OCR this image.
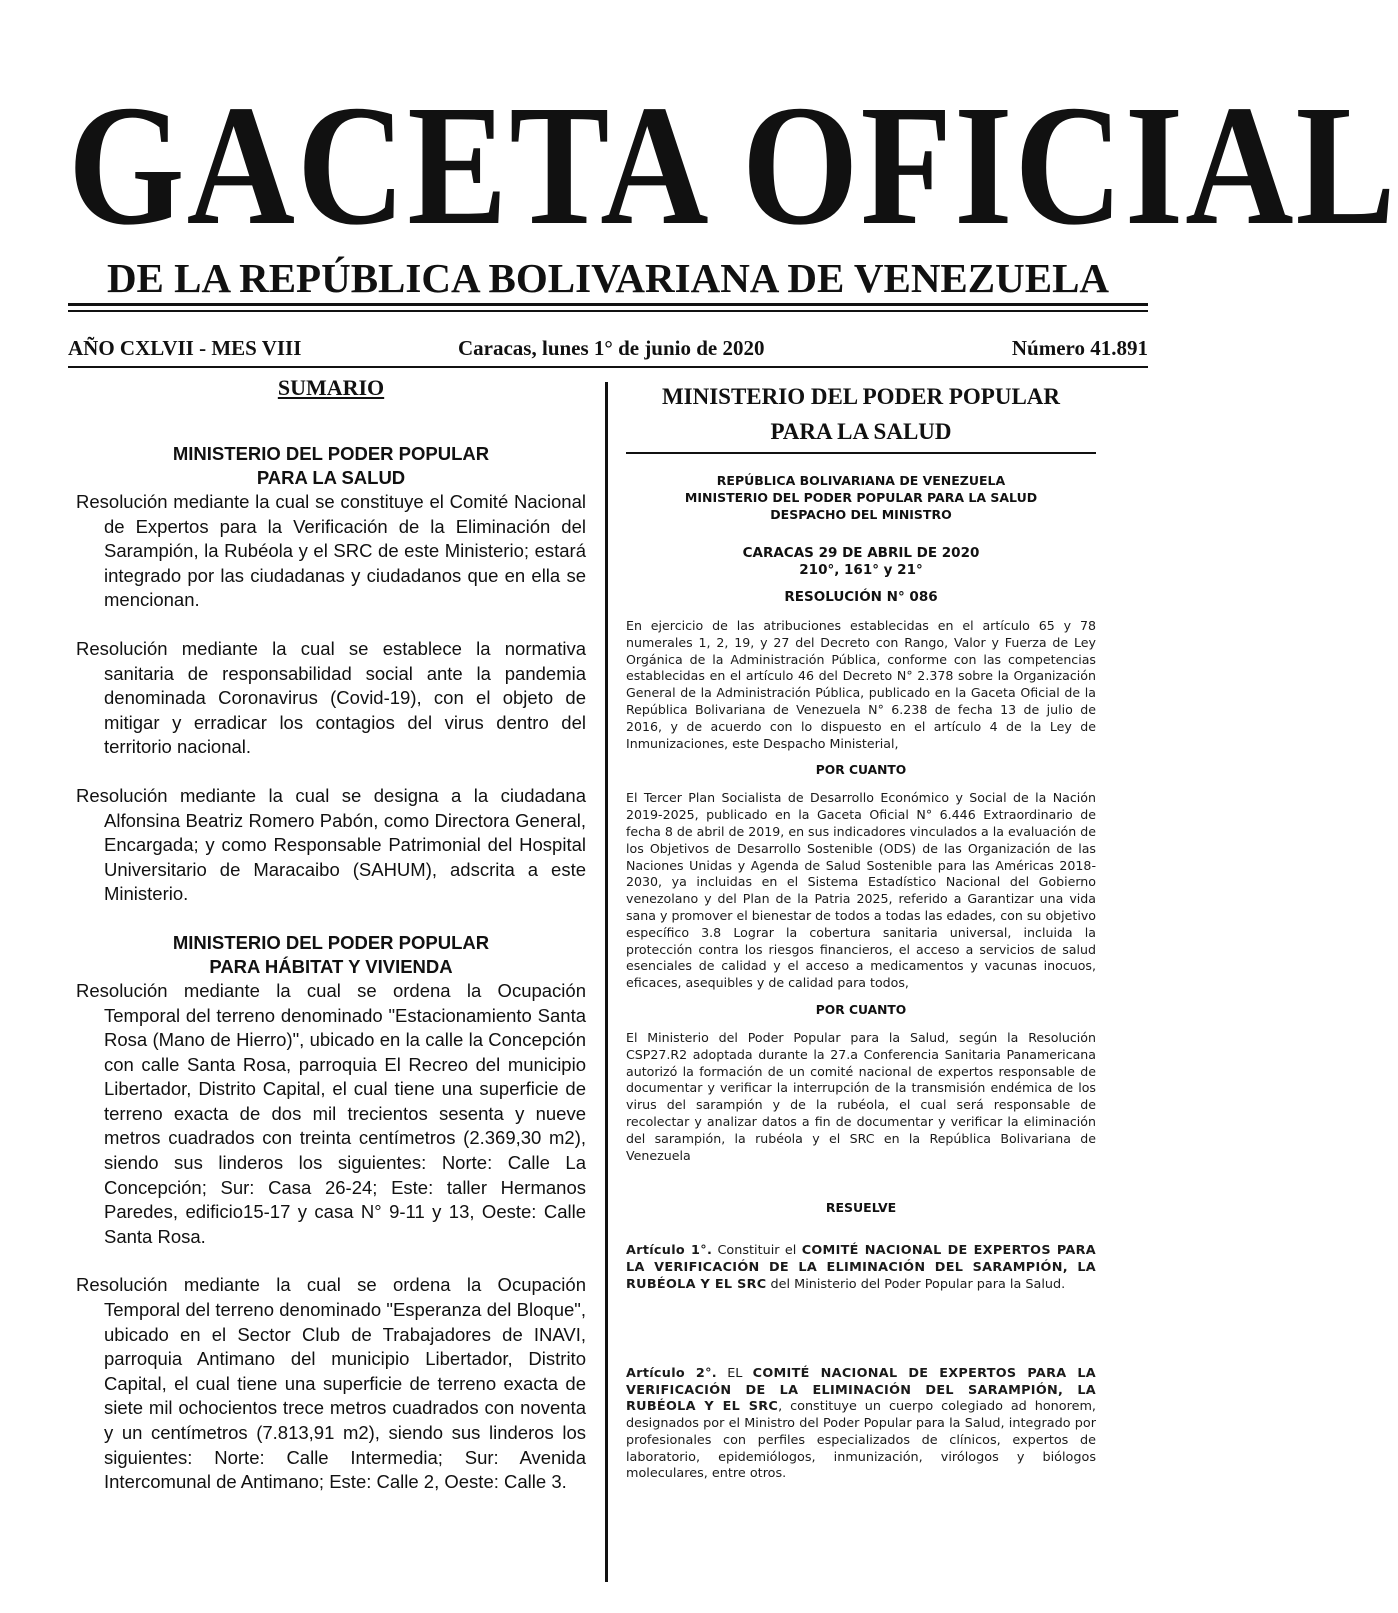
GACETA OFICIAL
DE LA REPÚBLICA BOLIVARIANA DE VENEZUELA
AÑO CXLVII - MES VIII	Caracas, lunes 1° de junio de 2020	Número 41.891
SUMARIO

MINISTERIO DEL PODER POPULAR

PARA LA SALUD

Resolución mediante la cual se constituye el Comité Nacional de Expertos para la Verificación de la Eliminación del Sarampión, la Rubéola y el SRC de este Ministerio; estará integrado por las ciudadanas y ciudadanos que en ella se mencionan.

Resolución mediante la cual se establece la normativa sanitaria de responsabilidad social ante la pandemia denominada Coronavirus (Covid-19), con el objeto de mitigar y erradicar los contagios del virus dentro del territorio nacional.

Resolución mediante la cual se designa a la ciudadana Alfonsina Beatriz Romero Pabón, como Directora General, Encargada; y como Responsable Patrimonial del Hospital Universitario de Maracaibo (SAHUM), adscrita a este Ministerio.

MINISTERIO DEL PODER POPULAR

PARA HÁBITAT Y VIVIENDA

Resolución mediante la cual se ordena la Ocupación Temporal del terreno denominado "Estacionamiento Santa Rosa (Mano de Hierro)", ubicado en la calle la Concepción con calle Santa Rosa, parroquia El Recreo del municipio Libertador, Distrito Capital, el cual tiene una superficie de terreno exacta de dos mil trecientos sesenta y nueve metros cuadrados con treinta centímetros (2.369,30 m2), siendo sus linderos los siguientes: Norte: Calle La Concepción; Sur: Casa 26-24; Este: taller Hermanos Paredes, edificio15-17 y casa N° 9-11 y 13, Oeste: Calle Santa Rosa.

Resolución mediante la cual se ordena la Ocupación Temporal del terreno denominado "Esperanza del Bloque", ubicado en el Sector Club de Trabajadores de INAVI, parroquia Antimano del municipio Libertador, Distrito Capital, el cual tiene una superficie de terreno exacta de siete mil ochocientos trece metros cuadrados con noventa y un centímetros (7.813,91 m2), siendo sus linderos los siguientes: Norte: Calle Intermedia; Sur: Avenida Intercomunal de Antimano; Este: Calle 2, Oeste: Calle 3.

MINISTERIO DEL PODER POPULAR

PARA LA SALUD

REPÚBLICA BOLIVARIANA DE VENEZUELA

MINISTERIO DEL PODER POPULAR PARA LA SALUD

DESPACHO DEL MINISTRO

CARACAS 29 DE ABRIL DE 2020

210°, 161° y 21°

RESOLUCIÓN N° 086

En ejercicio de las atribuciones establecidas en el artículo 65 y 78 numerales 1, 2, 19, y 27 del Decreto con Rango, Valor y Fuerza de Ley Orgánica de la Administración Pública, conforme con las competencias establecidas en el artículo 46 del Decreto N° 2.378 sobre la Organización General de la Administración Pública, publicado en la Gaceta Oficial de la República Bolivariana de Venezuela N° 6.238 de fecha 13 de julio de 2016, y de acuerdo con lo dispuesto en el artículo 4 de la Ley de Inmunizaciones, este Despacho Ministerial,

POR CUANTO

El Tercer Plan Socialista de Desarrollo Económico y Social de la Nación 2019-2025, publicado en la Gaceta Oficial N° 6.446 Extraordinario de fecha 8 de abril de 2019, en sus indicadores vinculados a la evaluación de los Objetivos de Desarrollo Sostenible (ODS) de las Organización de las Naciones Unidas y Agenda de Salud Sostenible para las Américas 2018-2030, ya incluidas en el Sistema Estadístico Nacional del Gobierno venezolano y del Plan de la Patria 2025, referido a Garantizar una vida sana y promover el bienestar de todos a todas las edades, con su objetivo específico 3.8 Lograr la cobertura sanitaria universal, incluida la protección contra los riesgos financieros, el acceso a servicios de salud esenciales de calidad y el acceso a medicamentos y vacunas inocuos, eficaces, asequibles y de calidad para todos,

POR CUANTO

El Ministerio del Poder Popular para la Salud, según la Resolución CSP27.R2 adoptada durante la 27.a Conferencia Sanitaria Panamericana autorizó la formación de un comité nacional de expertos responsable de documentar y verificar la interrupción de la transmisión endémica de los virus del sarampión y de la rubéola, el cual será responsable de recolectar y analizar datos a fin de documentar y verificar la eliminación del sarampión, la rubéola y el SRC en la República Bolivariana de Venezuela

RESUELVE

Artículo 1°. Constituir el COMITÉ NACIONAL DE EXPERTOS PARA LA VERIFICACIÓN DE LA ELIMINACIÓN DEL SARAMPIÓN, LA RUBÉOLA Y EL SRC del Ministerio del Poder Popular para la Salud.

Artículo 2°. EL COMITÉ NACIONAL DE EXPERTOS PARA LA VERIFICACIÓN DE LA ELIMINACIÓN DEL SARAMPIÓN, LA RUBÉOLA Y EL SRC, constituye un cuerpo colegiado ad honorem, designados por el Ministro del Poder Popular para la Salud, integrado por profesionales con perfiles especializados de clínicos, expertos de laboratorio, epidemiólogos, inmunización, virólogos y biólogos moleculares, entre otros.
